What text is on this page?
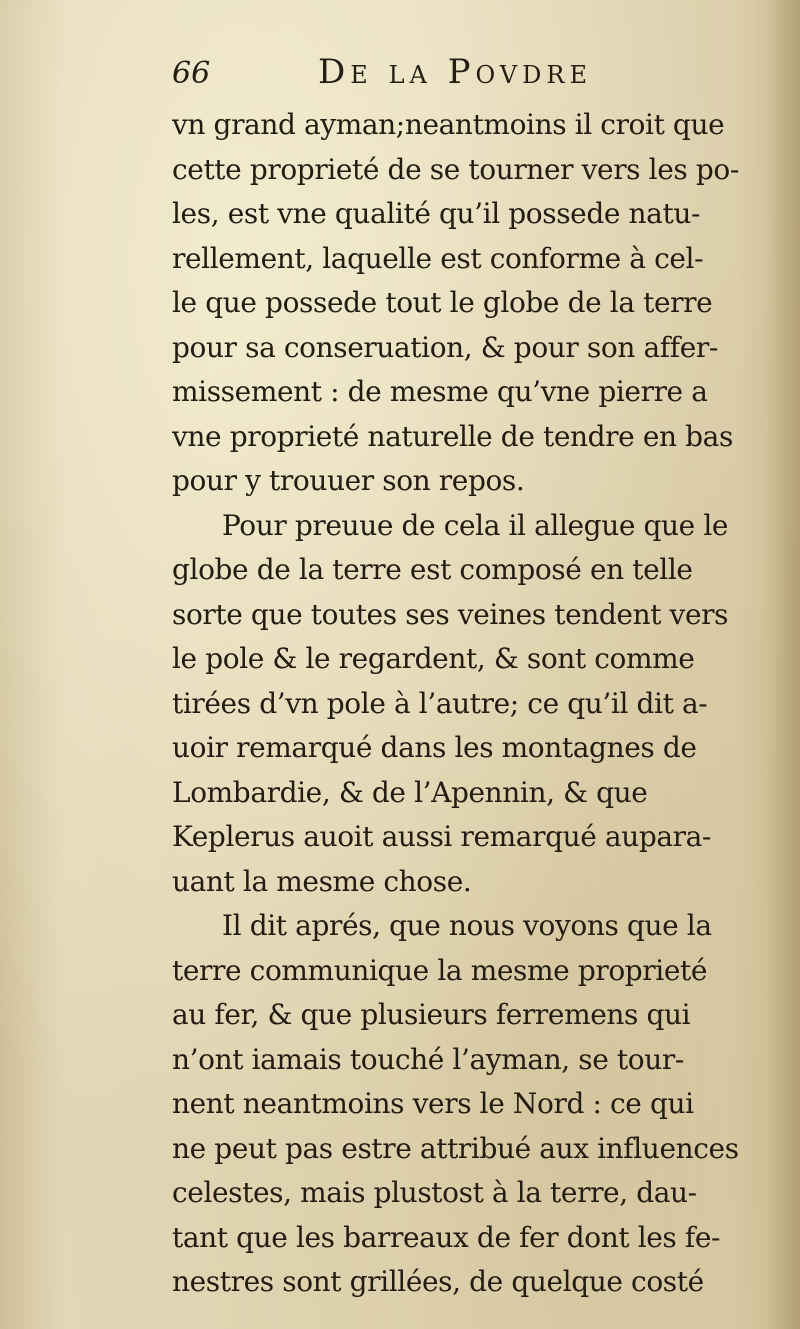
66	De la Povdre
vn grand ayman;neantmoins il croit que
cette proprieté de se tourner vers les po-
les, est vne qualité qu’il possede natu-
rellement, laquelle est conforme à cel-
le que possede tout le globe de la terre
pour sa conseruation, & pour son affer-
missement : de mesme qu’vne pierre a
vne proprieté naturelle de tendre en bas
pour y trouuer son repos.
Pour preuue de cela il allegue que le
globe de la terre est composé en telle
sorte que toutes ses veines tendent vers
le pole & le regardent, & sont comme
tirées d’vn pole à l’autre; ce qu’il dit a-
uoir remarqué dans les montagnes de
Lombardie, & de l’Apennin, & que
Keplerus auoit aussi remarqué aupara-
uant la mesme chose.
Il dit aprés, que nous voyons que la
terre communique la mesme proprieté
au fer, & que plusieurs ferremens qui
n’ont iamais touché l’ayman, se tour-
nent neantmoins vers le Nord : ce qui
ne peut pas estre attribué aux influences
celestes, mais plustost à la terre, dau-
tant que les barreaux de fer dont les fe-
nestres sont grillées, de quelque costé
